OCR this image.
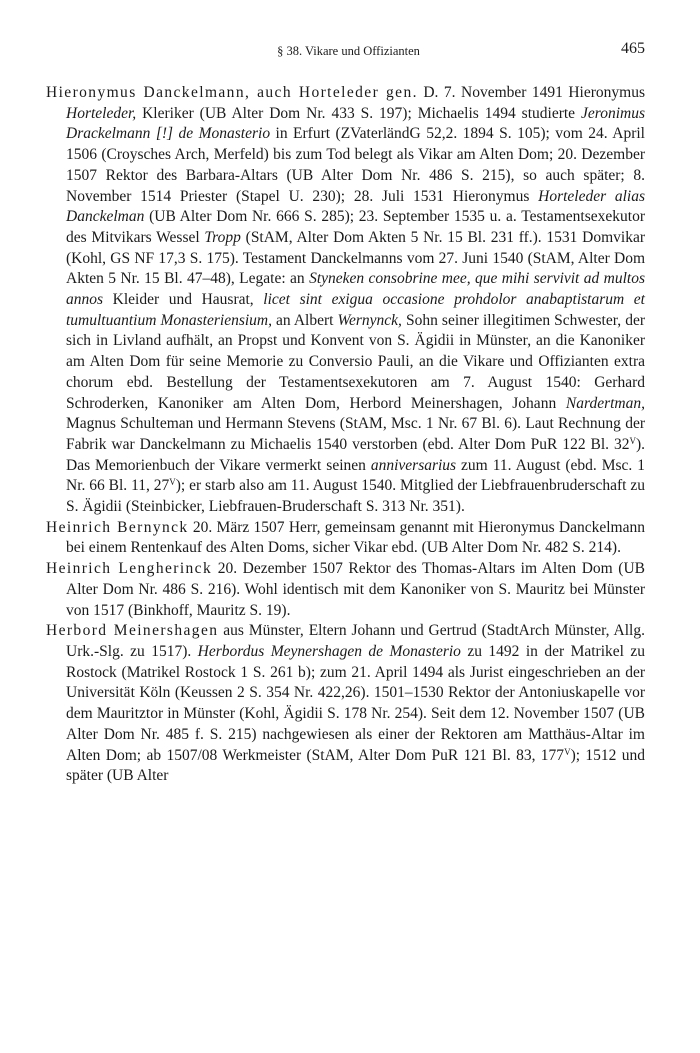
§ 38. Vikare und Offizianten	465

Hieronymus Danckelmann, auch Horteleder gen. D. 7. November 1491 Hieronymus Horteleder, Kleriker (UB Alter Dom Nr. 433 S. 197); Michaelis 1494 studierte Jeronimus Drackelmann [!] de Monasterio in Erfurt (ZVaterländG 52,2. 1894 S. 105); vom 24. April 1506 (Croysches Arch, Merfeld) bis zum Tod belegt als Vikar am Alten Dom; 20. Dezember 1507 Rektor des Barbara-Altars (UB Alter Dom Nr. 486 S. 215), so auch später; 8. November 1514 Priester (Stapel U. 230); 28. Juli 1531 Hieronymus Horteleder alias Danckelman (UB Alter Dom Nr. 666 S. 285); 23. September 1535 u. a. Testamentsexekutor des Mitvikars Wessel Tropp (StAM, Alter Dom Akten 5 Nr. 15 Bl. 231 ff.). 1531 Domvikar (Kohl, GS NF 17,3 S. 175). Testament Danckelmanns vom 27. Juni 1540 (StAM, Alter Dom Akten 5 Nr. 15 Bl. 47–48), Legate: an Styneken consobrine mee, que mihi servivit ad multos annos Kleider und Hausrat, licet sint exigua occasione prohdolor anabaptistarum et tumultuantium Monasteriensium, an Albert Wernynck, Sohn seiner illegitimen Schwester, der sich in Livland aufhält, an Propst und Konvent von S. Ägidii in Münster, an die Kanoniker am Alten Dom für seine Memorie zu Conversio Pauli, an die Vikare und Offizianten extra chorum ebd. Bestellung der Testamentsexekutoren am 7. August 1540: Gerhard Schroderken, Kanoniker am Alten Dom, Herbord Meinershagen, Johann Nardertman, Magnus Schulteman und Hermann Stevens (StAM, Msc. 1 Nr. 67 Bl. 6). Laut Rechnung der Fabrik war Danckelmann zu Michaelis 1540 verstorben (ebd. Alter Dom PuR 122 Bl. $32^V$). Das Memorienbuch der Vikare vermerkt seinen anniversarius zum 11. August (ebd. Msc. 1 Nr. 66 Bl. 11, $27^V$); er starb also am 11. August 1540. Mitglied der Liebfrauenbruderschaft zu S. Ägidii (Steinbicker, Liebfrauen-Bruderschaft S. 313 Nr. 351).

Heinrich Bernynck 20. März 1507 Herr, gemeinsam genannt mit Hieronymus Danckelmann bei einem Rentenkauf des Alten Doms, sicher Vikar ebd. (UB Alter Dom Nr. 482 S. 214).

Heinrich Lengherinck 20. Dezember 1507 Rektor des Thomas-Altars im Alten Dom (UB Alter Dom Nr. 486 S. 216). Wohl identisch mit dem Kanoniker von S. Mauritz bei Münster von 1517 (Binkhoff, Mauritz S. 19).

Herbord Meinershagen aus Münster, Eltern Johann und Gertrud (StadtArch Münster, Allg. Urk.-Slg. zu 1517). Herbordus Meynershagen de Monasterio zu 1492 in der Matrikel zu Rostock (Matrikel Rostock 1 S. 261 b); zum 21. April 1494 als Jurist eingeschrieben an der Universität Köln (Keussen 2 S. 354 Nr. 422,26). 1501–1530 Rektor der Antoniuskapelle vor dem Mauritztor in Münster (Kohl, Ägidii S. 178 Nr. 254). Seit dem 12. November 1507 (UB Alter Dom Nr. 485 f. S. 215) nachgewiesen als einer der Rektoren am Matthäus-Altar im Alten Dom; ab 1507/08 Werkmeister (StAM, Alter Dom PuR 121 Bl. 83, $177^V$); 1512 und später (UB Alter
